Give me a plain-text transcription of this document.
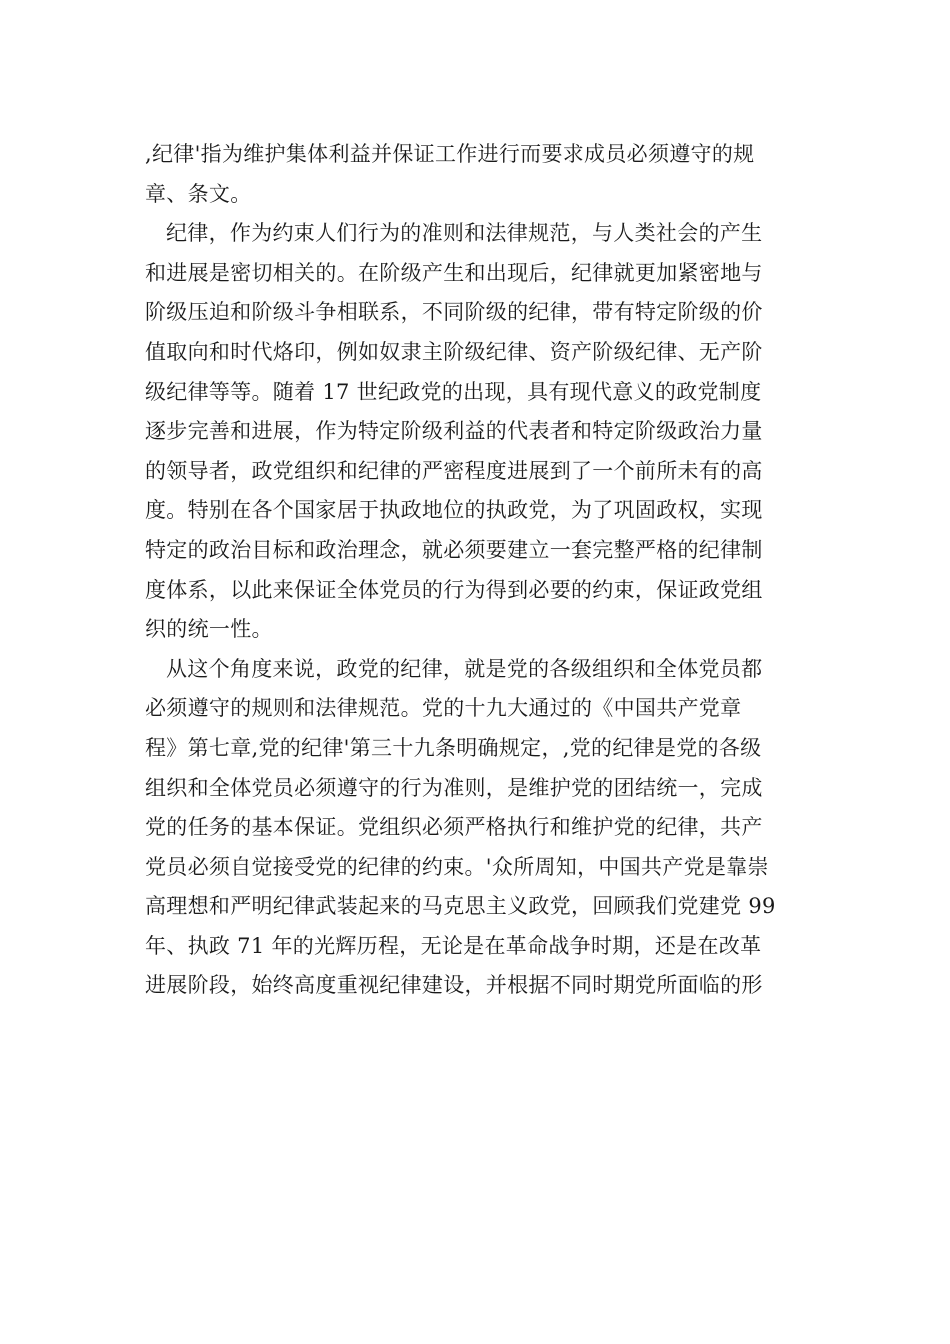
,纪律'指为维护集体利益并保证工作进行而要求成员必须遵守的规
章、条文。
纪律，作为约束人们行为的准则和法律规范，与人类社会的产生
和进展是密切相关的。在阶级产生和出现后，纪律就更加紧密地与
阶级压迫和阶级斗争相联系，不同阶级的纪律，带有特定阶级的价
值取向和时代烙印，例如奴隶主阶级纪律、资产阶级纪律、无产阶
级纪律等等。随着 17 世纪政党的出现，具有现代意义的政党制度
逐步完善和进展，作为特定阶级利益的代表者和特定阶级政治力量
的领导者，政党组织和纪律的严密程度进展到了一个前所未有的高
度。特别在各个国家居于执政地位的执政党，为了巩固政权，实现
特定的政治目标和政治理念，就必须要建立一套完整严格的纪律制
度体系，以此来保证全体党员的行为得到必要的约束，保证政党组
织的统一性。
从这个角度来说，政党的纪律，就是党的各级组织和全体党员都
必须遵守的规则和法律规范。党的十九大通过的《中国共产党章
程》第七章,党的纪律'第三十九条明确规定，,党的纪律是党的各级
组织和全体党员必须遵守的行为准则，是维护党的团结统一，完成
党的任务的基本保证。党组织必须严格执行和维护党的纪律，共产
党员必须自觉接受党的纪律的约束。'众所周知，中国共产党是靠崇
高理想和严明纪律武装起来的马克思主义政党，回顾我们党建党 99
年、执政 71 年的光辉历程，无论是在革命战争时期，还是在改革
进展阶段，始终高度重视纪律建设，并根据不同时期党所面临的形
